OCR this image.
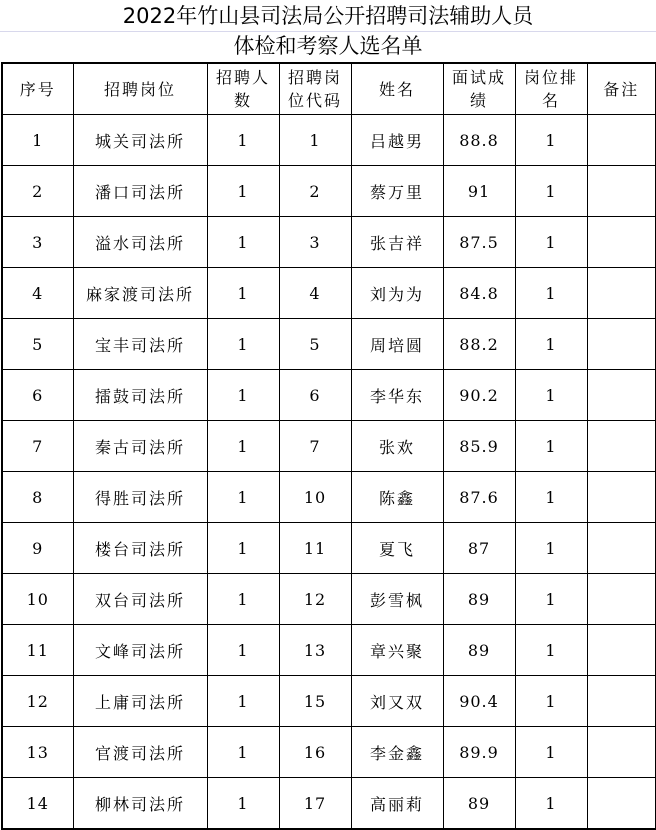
2022年竹山县司法局公开招聘司法辅助人员
体检和考察人选名单
序号	招聘岗位	招聘人数	招聘岗位代码	姓名	面试成绩	岗位排名	备注
1	城关司法所	1	1	吕越男	88.8	1	
2	潘口司法所	1	2	蔡万里	91	1	
3	溢水司法所	1	3	张吉祥	87.5	1	
4	麻家渡司法所	1	4	刘为为	84.8	1	
5	宝丰司法所	1	5	周培圆	88.2	1	
6	擂鼓司法所	1	6	李华东	90.2	1	
7	秦古司法所	1	7	张欢	85.9	1	
8	得胜司法所	1	10	陈鑫	87.6	1	
9	楼台司法所	1	11	夏飞	87	1	
10	双台司法所	1	12	彭雪枫	89	1	
11	文峰司法所	1	13	章兴聚	89	1	
12	上庸司法所	1	15	刘又双	90.4	1	
13	官渡司法所	1	16	李金鑫	89.9	1	
14	柳林司法所	1	17	高丽莉	89	1	
